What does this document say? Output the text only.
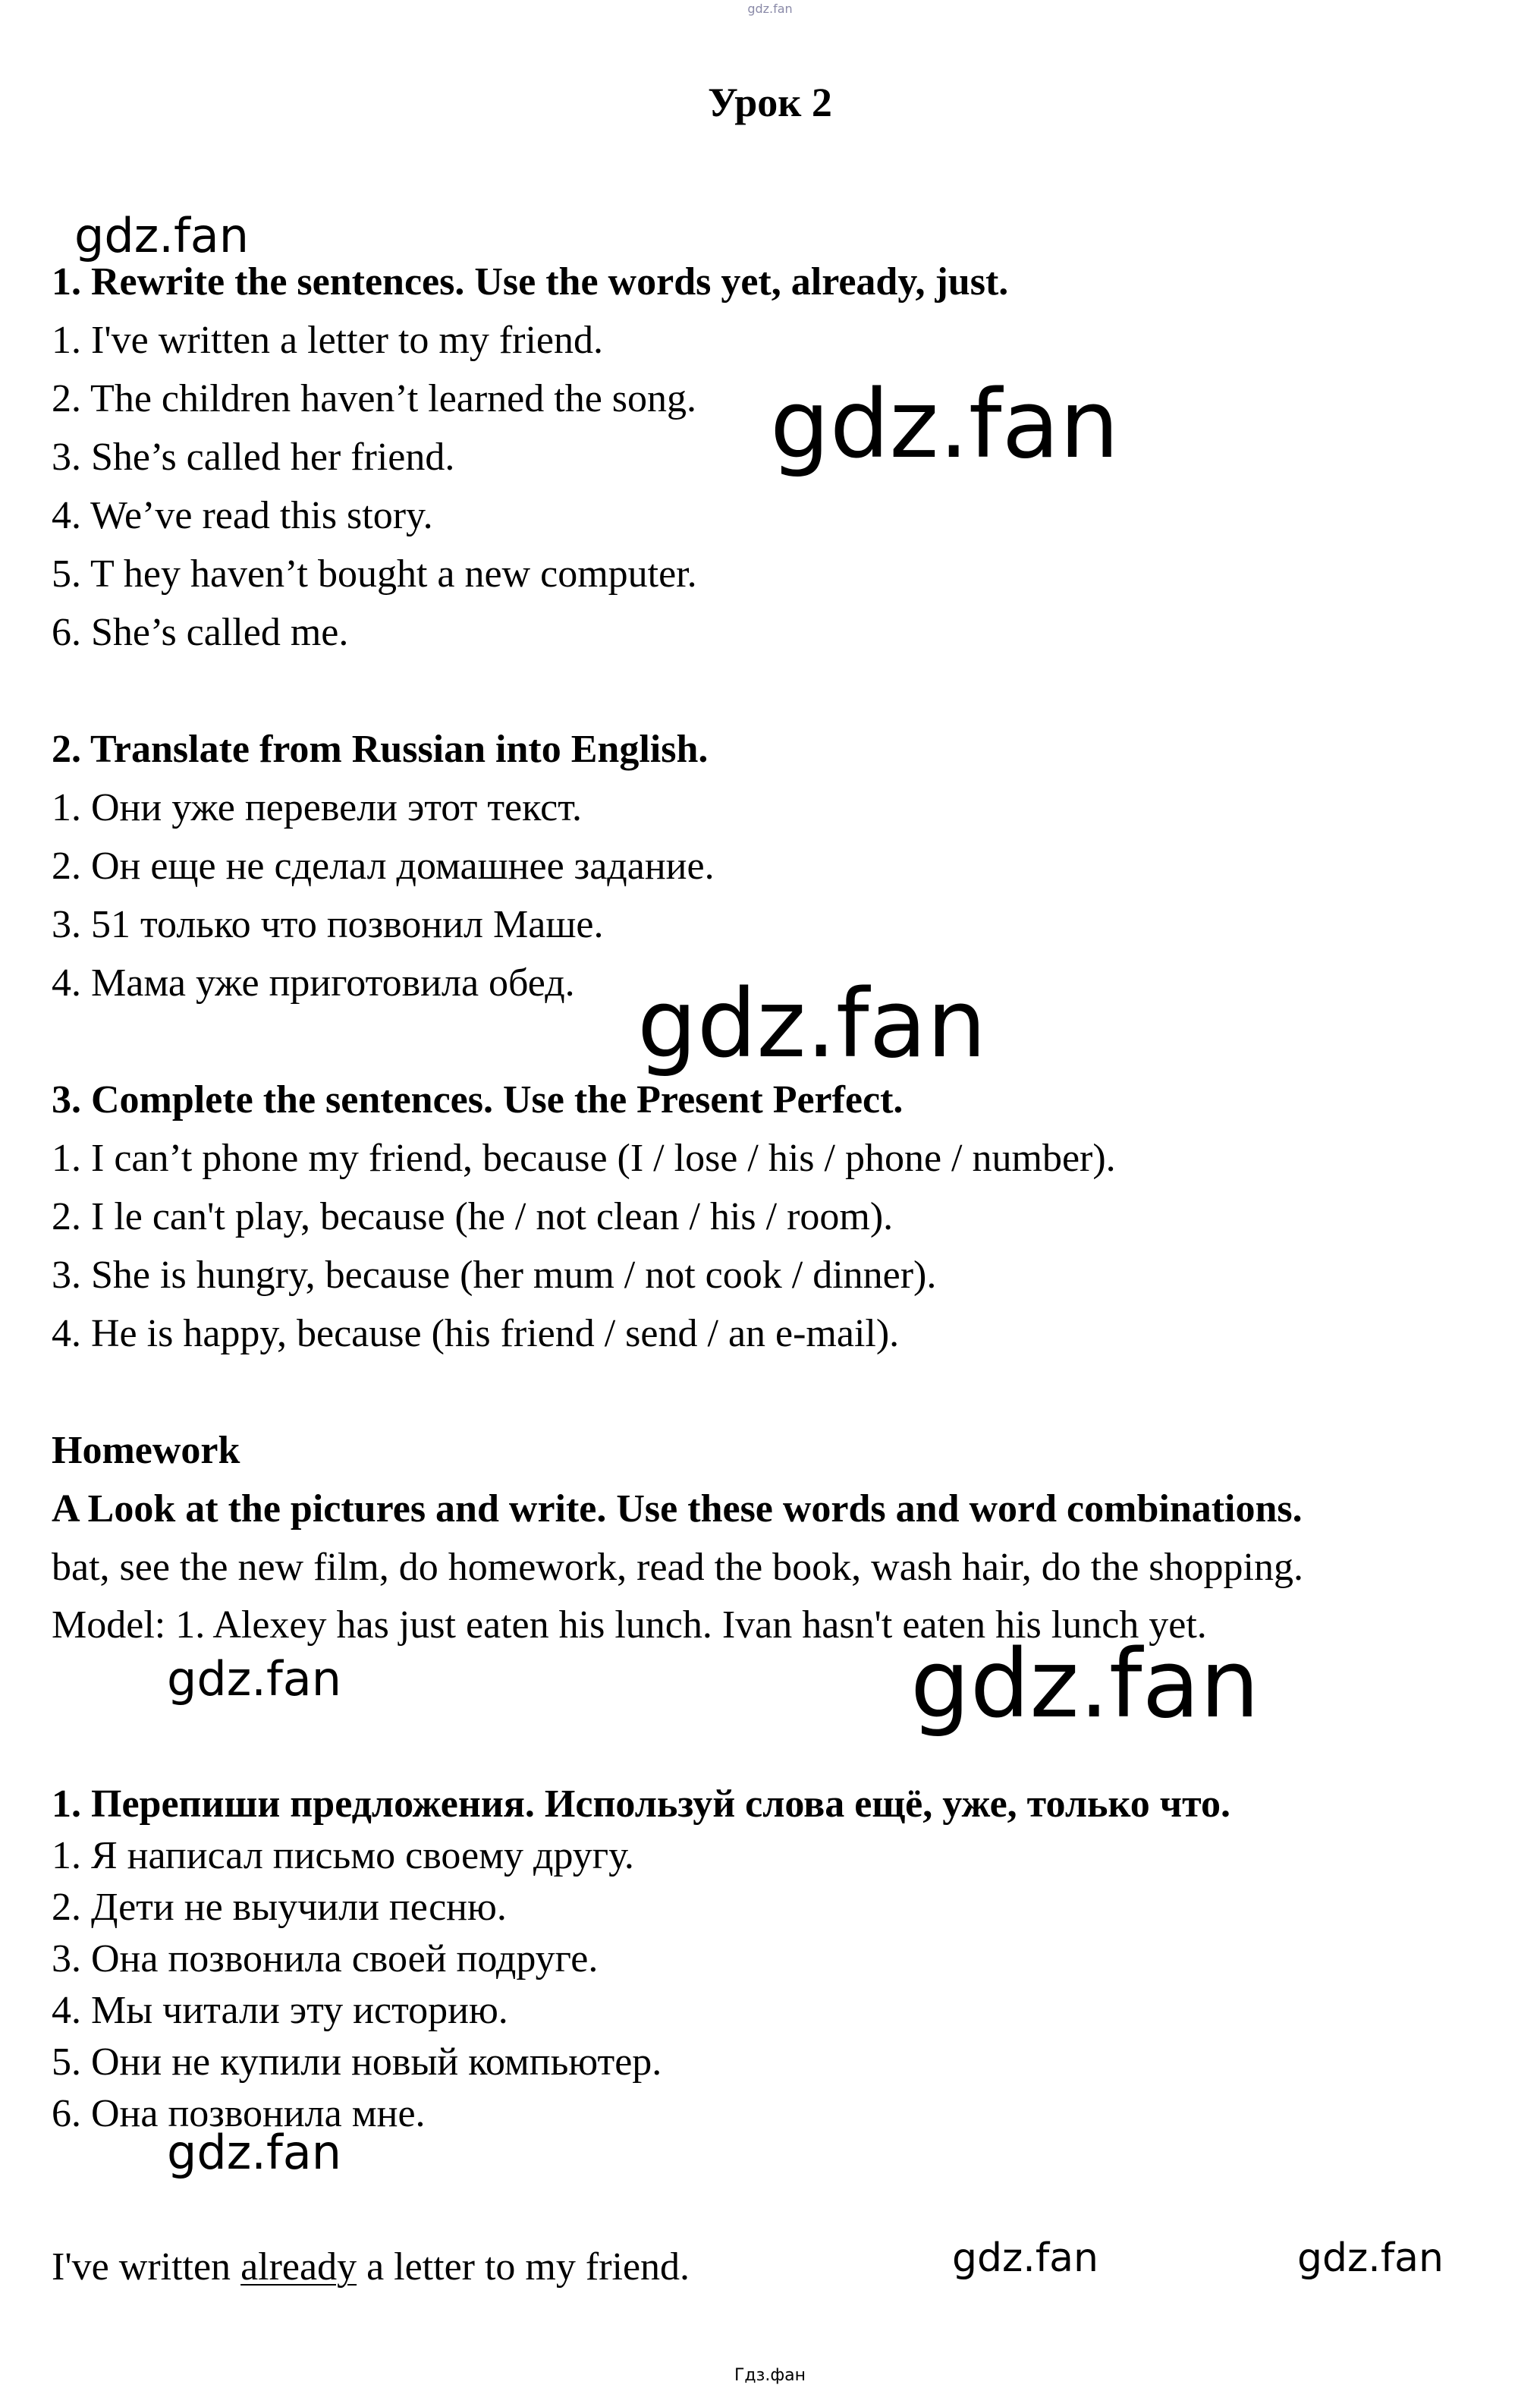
gdz.fan
Урок 2

1. Rewrite the sentences. Use the words yet, already, just.

1. I've written a letter to my friend.

2. The children haven’t learned the song.

3. She’s called her friend.

4. We’ve read this story.

5. T hey haven’t bought a new computer.

6. She’s called me.

2. Translate from Russian into English.

1. Они уже перевели этот текст.

2. Он еще не сделал домашнее задание.

3. 51 только что позвонил Маше.

4. Мама уже приготовила обед.

3. Complete the sentences. Use the Present Perfect.

1. I can’t phone my friend, because (I / lose / his / phone / number).

2. I le can't play, because (he / not clean / his / room).

3. She is hungry, because (her mum / not cook / dinner).

4. He is happy, because (his friend / send / an e-mail).

Homework

A Look at the pictures and write. Use these words and word combinations.

bat, see the new film, do homework, read the book, wash hair, do the shopping.

Model: 1. Alexey has just eaten his lunch. Ivan hasn't eaten his lunch yet.

1. Перепиши предложения. Используй слова ещё, уже, только что.

1. Я написал письмо своему другу.

2. Дети не выучили песню.

3. Она позвонила своей подруге.

4. Мы читали эту историю.

5. Они не купили новый компьютер.

6. Она позвонила мне.

I've written already a letter to my friend.

gdz.fan
gdz.fan
gdz.fan
gdz.fan	gdz.fan
gdz.fan
gdz.fan	gdz.fan
Гдз.фан
